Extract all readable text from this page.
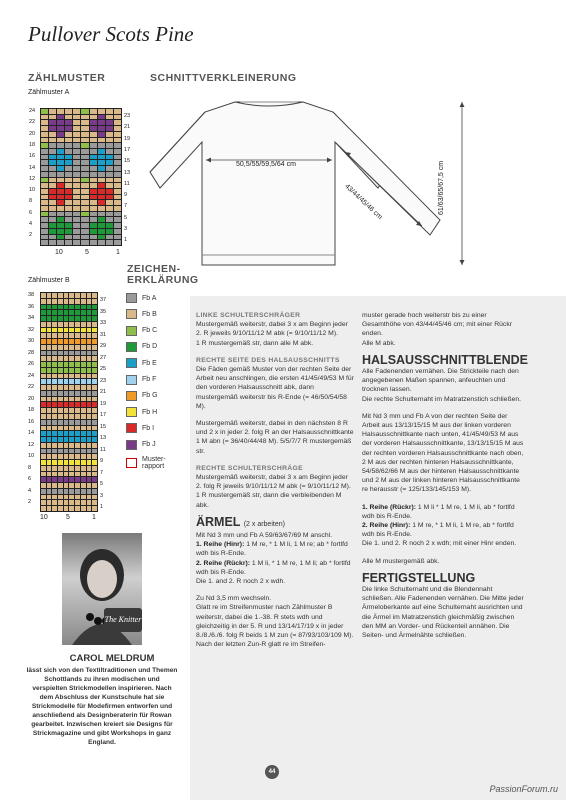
Pullover Scots Pine
ZÄHLMUSTER	SCHNITTVERKLEINERUNG
Zählmuster A
24
22
20
18
16
14
12
10
8
6
4
2
23
21
19
17
15
13
11
9
7
5
3
1
10	5	1
Zählmuster B
38
36
34
32
30
28
26
24
22
20
18
16
14
12
10
8
6
4
2
37
35
33
31
29
27
25
23
21
19
17
15
13
11
9
7
5
3
1
10	5	1
ZEICHEN-
ERKLÄRUNG
Fb A
Fb B
Fb C
Fb D
Fb E
Fb F
Fb G
Fb H
Fb I
Fb J
Muster-
rapport
50,5/55/59,5/64 cm
43/44/45/46 cm	61/63/65/67,5 cm
The Knitter
CAROL MELDRUM
lässt sich von den Textiltraditionen und Themen Schottlands zu ihren modischen und verspielten Strickmodellen inspirieren. Nach dem Abschluss der Kunstschule hat sie Strickmodelle für Modefirmen entworfen und anschließend als Designberaterin für Rowan gearbeitet. Inzwischen kreiert sie Designs für Strickmagazine und gibt Workshops in ganz England.
LINKE SCHULTERSCHRÄGER

Mustergemäß weiterstr, dabei 3 x am Beginn jeder 2. R jeweils 9/10/11/12 M abk (= 9/10/11/12 M).
1 R mustergemäß str, dann alle M abk.

RECHTE SEITE DES HALSAUSSCHNITTS

Die Fäden gemäß Muster von der rechten Seite der Arbeit neu anschlingen, die ersten 41/45/49/53 M für den vorderen Halsausschnitt abk, dann mustergemäß weiterstr bis R-Ende (= 46/50/54/58 M).

Mustergemäß weiterstr, dabei in den nächsten 8 R und 2 x in jeder 2. folg R an der Halsausschnittkante 1 M abn (= 36/40/44/48 M). 5/5/7/7 R mustergemäß str.

RECHTE SCHULTERSCHRÄGE

Mustergemäß weiterstr, dabei 3 x am Beginn jeder 2. folg R jeweils 9/10/11/12 M abk (= 9/10/11/12 M).
1 R mustergemäß str, dann die verbleibenden M abk.

ÄRMEL (2 x arbeiten)

Mit Nd 3 mm und Fb A 59/63/67/69 M anschl.
1. Reihe (Hinr): 1 M re, * 1 M li, 1 M re; ab * fortlfd wdh bis R-Ende.
2. Reihe (Rückr): 1 M li, * 1 M re, 1 M li; ab * fortlfd wdh bis R-Ende.
Die 1. and 2. R noch 2 x wdh.

Zu Nd 3,5 mm wechseln.
Glatt re im Streifenmuster nach Zählmuster B weiterstr, dabei die 1.-38. R stets wdh und gleichzeitig in der 5. R und 13/14/17/19 x in jeder 8./8./6./6. folg R beids 1 M zun (= 87/93/103/109 M).
Nach der letzten Zun-R glatt re im Streifen-

muster gerade hoch weiterstr bis zu einer Gesamthöhe von 43/44/45/46 cm; mit einer Rückr enden.
Alle M abk.

HALSAUSSCHNITTBLENDE

Alle Fadenenden vernähen. Die Strickteile nach den angegebenen Maßen spannen, anfeuchten und trocknen lassen.
Die rechte Schulternaht im Matratzenstich schließen.

Mit Nd 3 mm und Fb A von der rechten Seite der Arbeit aus 13/13/15/15 M aus der linken vorderen Halsausschnittkante nach unten, 41/45/49/53 M aus der vorderen Halsausschnittkante, 13/13/15/15 M aus der rechten vorderen Halsausschnittkante nach oben, 2 M aus der rechten hinteren Halsausschnittkante, 54/58/62/66 M aus der hinteren Halsausschnittkante und 2 M aus der linken hinteren Halsausschnittkante re herausstr (= 125/133/145/153 M).

1. Reihe (Rückr): 1 M li * 1 M re, 1 M li, ab * fortlfd wdh bis R-Ende.
2. Reihe (Hinr): 1 M re, * 1 M li, 1 M re, ab * fortlfd wdh bis R-Ende.
Die 1. und 2. R noch 2 x wdh; mit einer Hinr enden.

Alle M mustergemäß abk.

FERTIGSTELLUNG

Die linke Schulternaht und die Blendennaht schließen. Alle Fadenenden vernähen. Die Mitte jeder Ärmeloberkante auf eine Schulternaht ausrichten und die Ärmel im Matratzenstich gleichmäßig zwischen den MM an Vorder- und Rückenteil annähen. Die Seiten- und Ärmelnähte schließen.

44
PassionForum.ru
